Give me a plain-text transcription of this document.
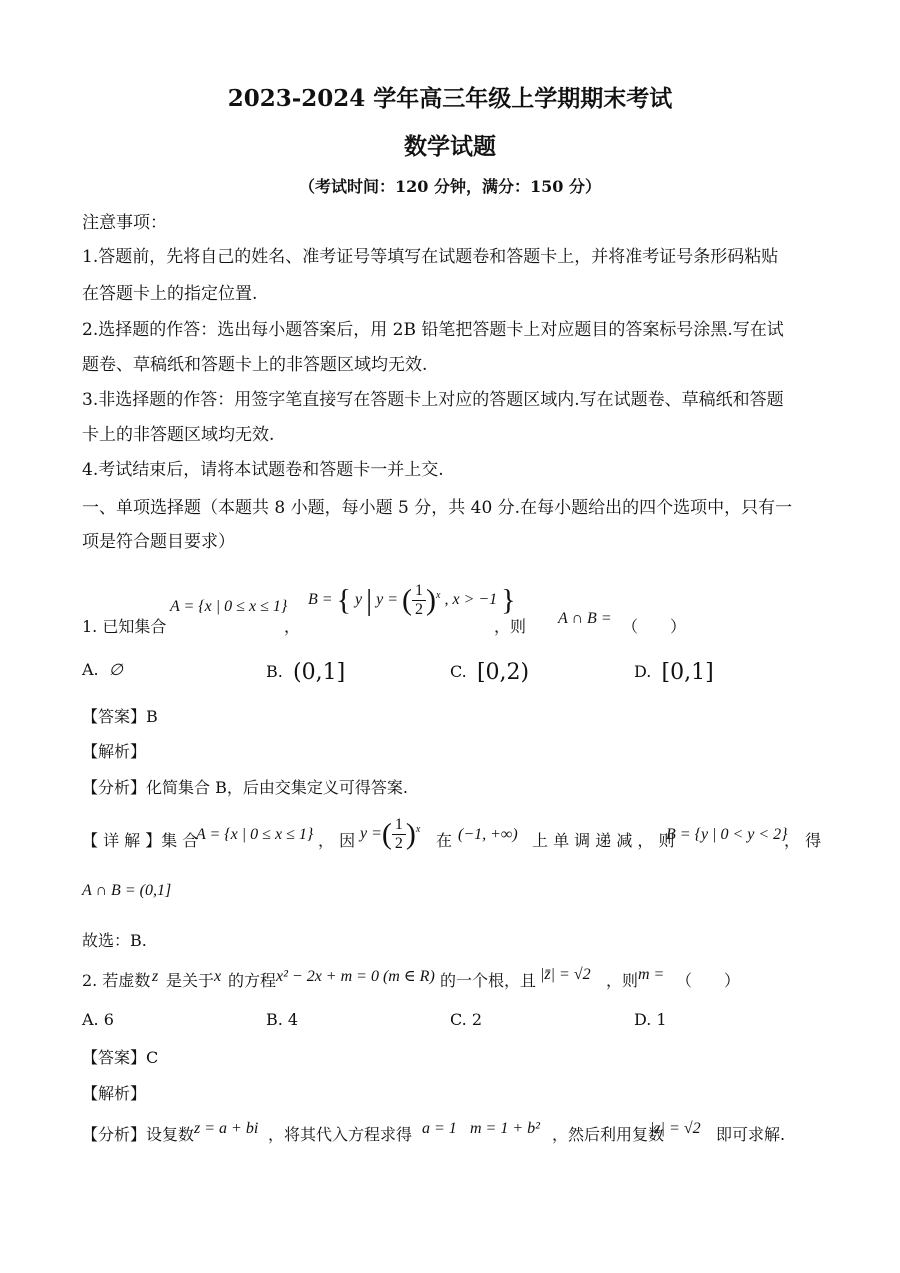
2023-2024 学年高三年级上学期期末考试
数学试题
（考试时间：120 分钟，满分：150 分）
注意事项：
1.答题前，先将自己的姓名、准考证号等填写在试题卷和答题卡上，并将准考证号条形码粘贴
在答题卡上的指定位置.
2.选择题的作答：选出每小题答案后，用 2B 铅笔把答题卡上对应题目的答案标号涂黑.写在试
题卷、草稿纸和答题卡上的非答题区域均无效.
3.非选择题的作答：用签字笔直接写在答题卡上对应的答题区域内.写在试题卷、草稿纸和答题
卡上的非答题区域均无效.
4.考试结束后，请将本试题卷和答题卡一并上交.
一、单项选择题（本题共 8 小题，每小题 5 分，共 40 分.在每小题给出的四个选项中，只有一
项是符合题目要求）
1. 已知集合
A = {x | 0 ≤ x ≤ 1}
，
B = { y | y = ( $\frac{1}{2} )^x$ , x > −1 }
，则 A ∩ B = （　　）
A. ∅	B. (0,1]	C. [0,2)	D. [0,1]
【答案】B
【解析】
【分析】化简集合 B，后由交集定义可得答案.
【 详 解 】集 合
A = {x | 0 ≤ x ≤ 1} ， 因 y =( $\frac{1}{2} )^x$
在 (−1, +∞) 上 单 调 递 减 ， 则
B = {y | 0 < y < 2}
， 得
A ∩ B = (0,1]
故选：B.
2. 若虚数 z 是关于 x 的方程 x² − 2x + m = 0 (m ∈ R) 的一个根，且 |z̄| = √2 ，则 m = （　　）
A. 6	B. 4	C. 2	D. 1
【答案】C
【解析】
【分析】设复数 z = a + bi ，将其代入方程求得 a = 1 m = 1 + b² ，然后利用复数
|z| = √2 即可求解.
